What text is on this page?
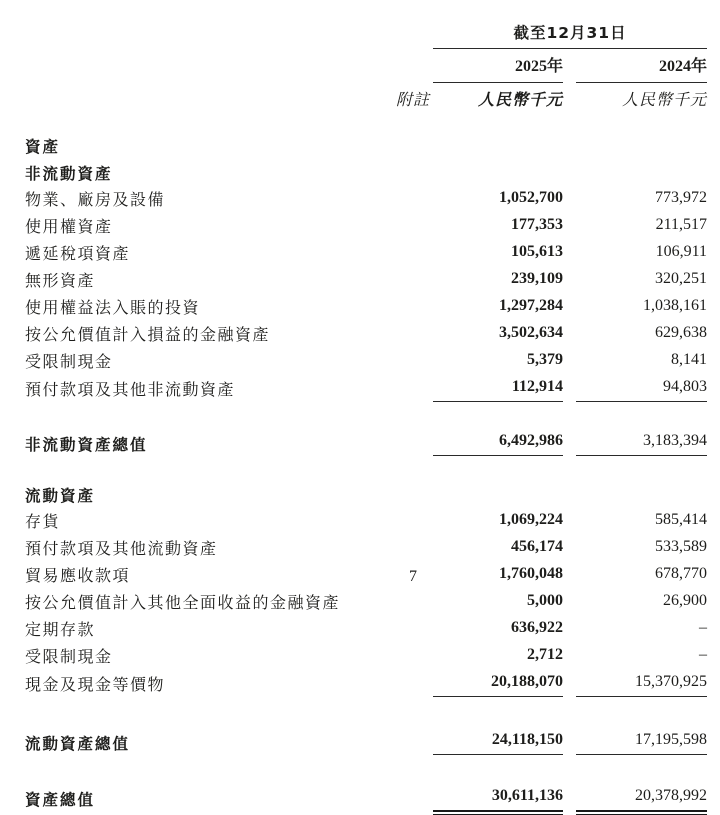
		截至12月31日			
		2025年		2024年	
	附註	人民幣千元		人民幣千元	

資產					
非流動資產					
物業、廠房及設備		1,052,700		773,972	
使用權資產		177,353		211,517	
遞延稅項資產		105,613		106,911	
無形資產		239,109		320,251	
使用權益法入賬的投資		1,297,284		1,038,161	
按公允價值計入損益的金融資產		3,502,634		629,638	
受限制現金		5,379		8,141	
預付款項及其他非流動資產		112,914		94,803	

非流動資產總值		6,492,986		3,183,394	

流動資產					
存貨		1,069,224		585,414	
預付款項及其他流動資產		456,174		533,589	
貿易應收款項	7	1,760,048		678,770	
按公允價值計入其他全面收益的金融資產		5,000		26,900	
定期存款		636,922		–	
受限制現金		2,712		–	
現金及現金等價物		20,188,070		15,370,925	

流動資產總值		24,118,150		17,195,598	

資產總值		30,611,136		20,378,992	
